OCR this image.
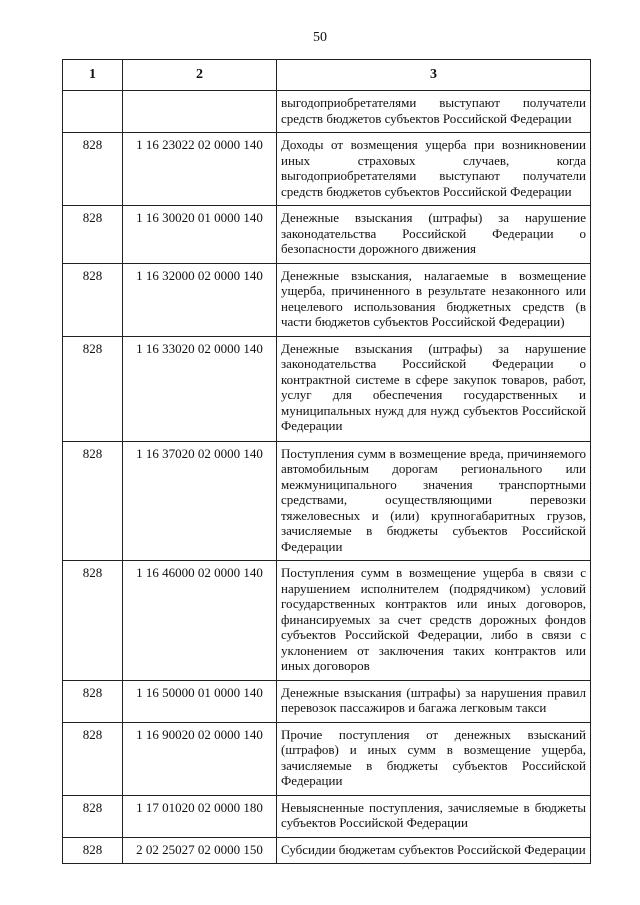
50
1	2	3
		выгодоприобретателями выступают получатели средств бюджетов субъектов Российской Федерации
828	1 16 23022 02 0000 140	Доходы от возмещения ущерба при возникновении иных страховых случаев, когда выгодоприобретателями выступают получатели средств бюджетов субъектов Российской Федерации
828	1 16 30020 01 0000 140	Денежные взыскания (штрафы) за нарушение законодательства Российской Федерации о безопасности дорожного движения
828	1 16 32000 02 0000 140	Денежные взыскания, налагаемые в возмещение ущерба, причиненного в результате незаконного или нецелевого использования бюджетных средств (в части бюджетов субъектов Российской Федерации)
828	1 16 33020 02 0000 140	Денежные взыскания (штрафы) за нарушение законодательства Российской Федерации о контрактной системе в сфере закупок товаров, работ, услуг для обеспечения государственных и муниципальных нужд для нужд субъектов Российской Федерации
828	1 16 37020 02 0000 140	Поступления сумм в возмещение вреда, причиняемого автомобильным дорогам регионального или межмуниципального значения транспортными средствами, осуществляющими перевозки тяжеловесных и (или) крупногабаритных грузов, зачисляемые в бюджеты субъектов Российской Федерации
828	1 16 46000 02 0000 140	Поступления сумм в возмещение ущерба в связи с нарушением исполнителем (подрядчиком) условий государственных контрактов или иных договоров, финансируемых за счет средств дорожных фондов субъектов Российской Федерации, либо в связи с уклонением от заключения таких контрактов или иных договоров
828	1 16 50000 01 0000 140	Денежные взыскания (штрафы) за нарушения правил перевозок пассажиров и багажа легковым такси
828	1 16 90020 02 0000 140	Прочие поступления от денежных взысканий (штрафов) и иных сумм в возмещение ущерба, зачисляемые в бюджеты субъектов Российской Федерации
828	1 17 01020 02 0000 180	Невыясненные поступления, зачисляемые в бюджеты субъектов Российской Федерации
828	2 02 25027 02 0000 150	Субсидии бюджетам субъектов Российской Федерации
